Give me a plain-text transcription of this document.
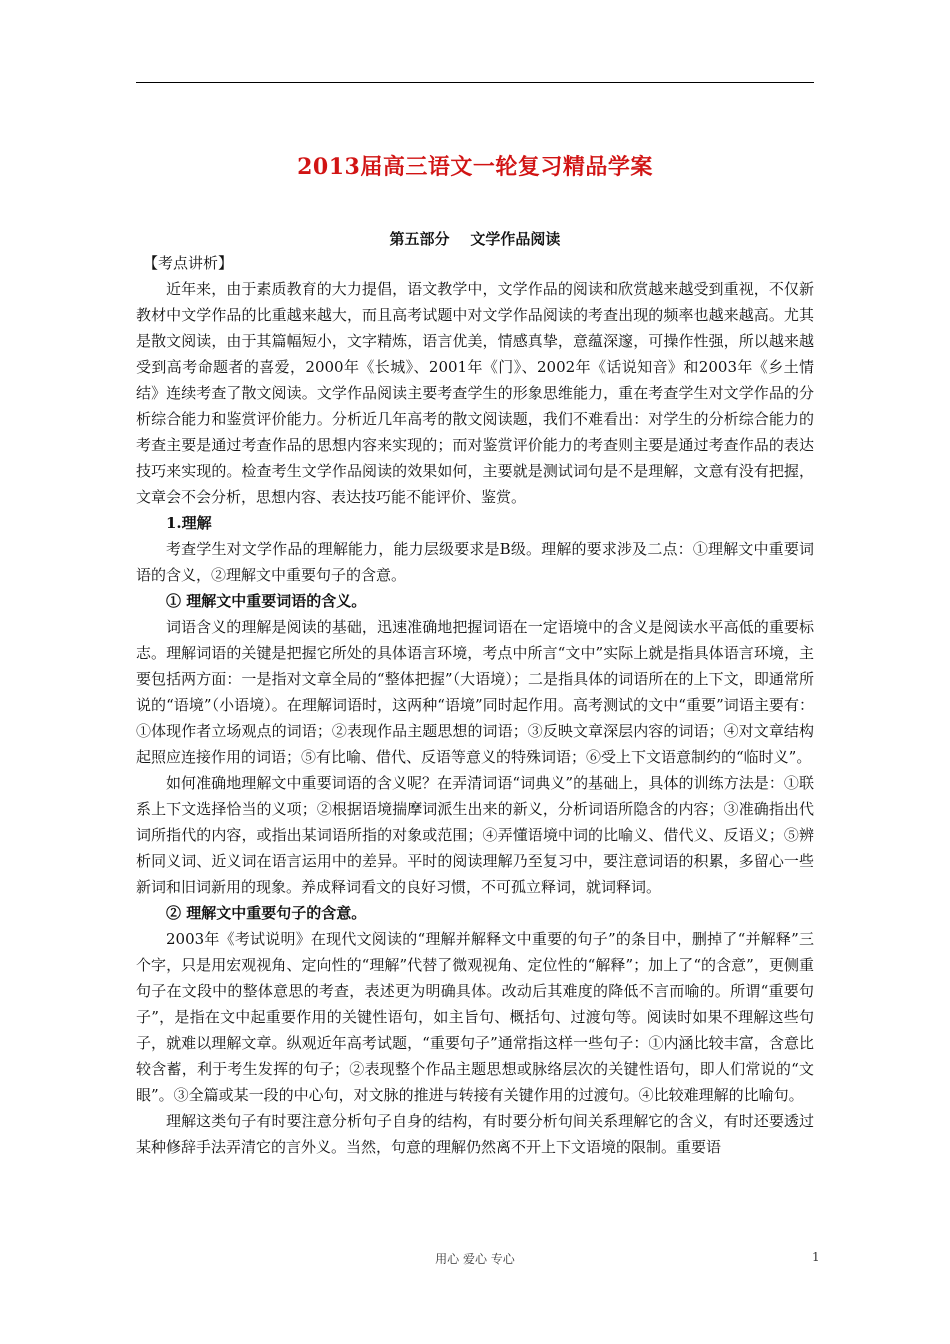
2013届高三语文一轮复习精品学案
第五部分    文学作品阅读

【考点讲析】

近年来，由于素质教育的大力提倡，语文教学中，文学作品的阅读和欣赏越来越受到重视，不仅新教材中文学作品的比重越来越大，而且高考试题中对文学作品阅读的考查出现的频率也越来越高。尤其是散文阅读，由于其篇幅短小，文字精炼，语言优美，情感真挚，意蕴深邃，可操作性强，所以越来越受到高考命题者的喜爱，2000年《长城》、2001年《门》、2002年《话说知音》和2003年《乡土情结》连续考查了散文阅读。文学作品阅读主要考查学生的形象思维能力，重在考查学生对文学作品的分析综合能力和鉴赏评价能力。分析近几年高考的散文阅读题，我们不难看出：对学生的分析综合能力的考查主要是通过考查作品的思想内容来实现的；而对鉴赏评价能力的考查则主要是通过考查作品的表达技巧来实现的。检查考生文学作品阅读的效果如何，主要就是测试词句是不是理解，文意有没有把握，文章会不会分析，思想内容、表达技巧能不能评价、鉴赏。

1.理解

考查学生对文学作品的理解能力，能力层级要求是B级。理解的要求涉及二点：①理解文中重要词语的含义，②理解文中重要句子的含意。

① 理解文中重要词语的含义。

词语含义的理解是阅读的基础，迅速准确地把握词语在一定语境中的含义是阅读水平高低的重要标志。理解词语的关键是把握它所处的具体语言环境，考点中所言“文中”实际上就是指具体语言环境，主要包括两方面：一是指对文章全局的“整体把握”（大语境）；二是指具体的词语所在的上下文，即通常所说的“语境”（小语境）。在理解词语时，这两种“语境”同时起作用。高考测试的文中“重要”词语主要有：①体现作者立场观点的词语；②表现作品主题思想的词语；③反映文章深层内容的词语；④对文章结构起照应连接作用的词语；⑤有比喻、借代、反语等意义的特殊词语；⑥受上下文语意制约的“临时义”。

如何准确地理解文中重要词语的含义呢？在弄清词语“词典义”的基础上，具体的训练方法是：①联系上下文选择恰当的义项；②根据语境揣摩词派生出来的新义，分析词语所隐含的内容；③准确指出代词所指代的内容，或指出某词语所指的对象或范围；④弄懂语境中词的比喻义、借代义、反语义；⑤辨析同义词、近义词在语言运用中的差异。平时的阅读理解乃至复习中，要注意词语的积累，多留心一些新词和旧词新用的现象。养成释词看文的良好习惯，不可孤立释词，就词释词。

② 理解文中重要句子的含意。

2003年《考试说明》在现代文阅读的“理解并解释文中重要的句子”的条目中，删掉了“并解释”三个字，只是用宏观视角、定向性的“理解”代替了微观视角、定位性的“解释”；加上了“的含意”，更侧重句子在文段中的整体意思的考查，表述更为明确具体。改动后其难度的降低不言而喻的。所谓“重要句子”，是指在文中起重要作用的关键性语句，如主旨句、概括句、过渡句等。阅读时如果不理解这些句子，就难以理解文章。纵观近年高考试题，“重要句子”通常指这样一些句子：①内涵比较丰富，含意比较含蓄，利于考生发挥的句子；②表现整个作品主题思想或脉络层次的关键性语句，即人们常说的“文眼”。③全篇或某一段的中心句，对文脉的推进与转接有关键作用的过渡句。④比较难理解的比喻句。

理解这类句子有时要注意分析句子自身的结构，有时要分析句间关系理解它的含义，有时还要透过某种修辞手法弄清它的言外义。当然，句意的理解仍然离不开上下文语境的限制。重要语

用心 爱心 专心	1
